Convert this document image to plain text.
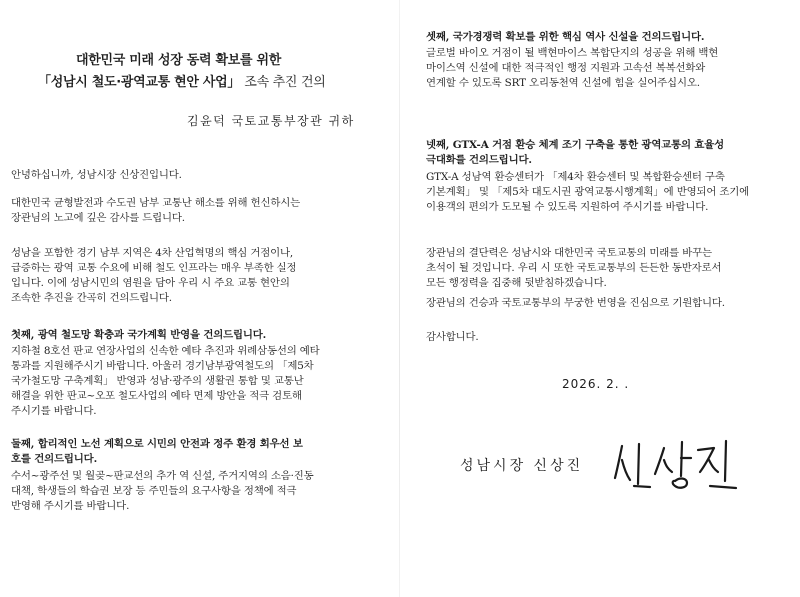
대한민국 미래 성장 동력 확보를 위한
「성남시 철도·광역교통 현안 사업」 조속 추진 건의
김윤덕 국토교통부장관 귀하
안녕하십니까, 성남시장 신상진입니다.
대한민국 균형발전과 수도권 남부 교통난 해소를 위해 헌신하시는
장관님의 노고에 깊은 감사를 드립니다.
성남을 포함한 경기 남부 지역은 4차 산업혁명의 핵심 거점이나,
급증하는 광역 교통 수요에 비해 철도 인프라는 매우 부족한 실정
입니다. 이에 성남시민의 염원을 담아 우리 시 주요 교통 현안의
조속한 추진을 간곡히 건의드립니다.
첫째, 광역 철도망 확충과 국가계획 반영을 건의드립니다.
지하철 8호선 판교 연장사업의 신속한 예타 추진과 위례삼동선의 예타
통과를 지원해주시기 바랍니다. 아울러 경기남부광역철도의 「제5차
국가철도망 구축계획」 반영과 성남·광주의 생활권 통합 및 교통난
해결을 위한 판교~오포 철도사업의 예타 면제 방안을 적극 검토해
주시기를 바랍니다.
둘째, 합리적인 노선 계획으로 시민의 안전과 정주 환경 회우선 보
호를 건의드립니다.
수서~광주선 및 월곶~판교선의 추가 역 신설, 주거지역의 소음·진동
대책, 학생들의 학습권 보장 등 주민들의 요구사항을 정책에 적극
반영해 주시기를 바랍니다.
셋째, 국가경쟁력 확보를 위한 핵심 역사 신설을 건의드립니다.
글로벌 바이오 거점이 될 백현마이스 복합단지의 성공을 위해 백현
마이스역 신설에 대한 적극적인 행정 지원과 고속선 복복선화와
연계할 수 있도록 SRT 오리동천역 신설에 힘을 실어주십시오.
넷째, GTX-A 거점 환승 체계 조기 구축을 통한 광역교통의 효율성
극대화를 건의드립니다.
GTX-A 성남역 환승센터가 「제4차 환승센터 및 복합환승센터 구축
기본계획」 및 「제5차 대도시권 광역교통시행계획」에 반영되어 조기에
이용객의 편의가 도모될 수 있도록 지원하여 주시기를 바랍니다.
장관님의 결단력은 성남시와 대한민국 국토교통의 미래를 바꾸는
초석이 될 것입니다. 우리 시 또한 국토교통부의 든든한 동반자로서
모든 행정력을 집중해 뒷받침하겠습니다.
장관님의 건승과 국토교통부의 무궁한 번영을 진심으로 기원합니다.
감사합니다.
2026. 2. .
성남시장 신상진
